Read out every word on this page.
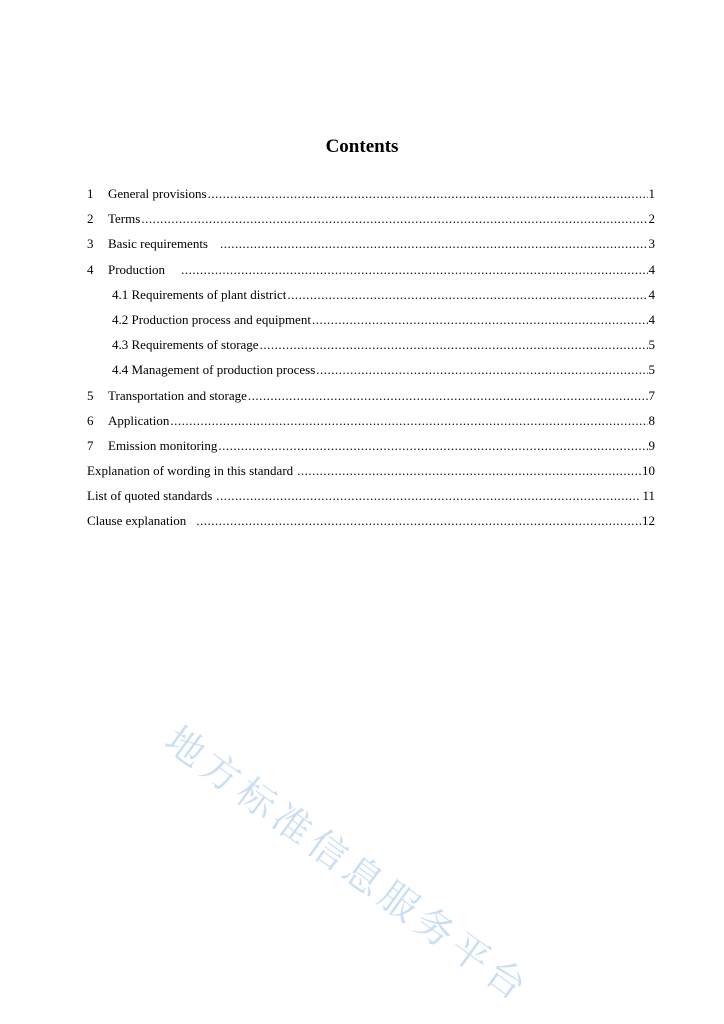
Contents
1	General provisions .....	1
2	Terms .....	2
3	Basic requirements .....	3
4	Production .....	4
4.1 Requirements of plant district .....	4
4.2 Production process and equipment .....	4
4.3 Requirements of storage .....	5
4.4 Management of production process .....	5
5	Transportation and storage .....	7
6	Application .....	8
7	Emission monitoring .....	9
Explanation of wording in this standard .....	10
List of quoted standards .....	11
Clause explanation .....	12
地方标准信息服务平台
